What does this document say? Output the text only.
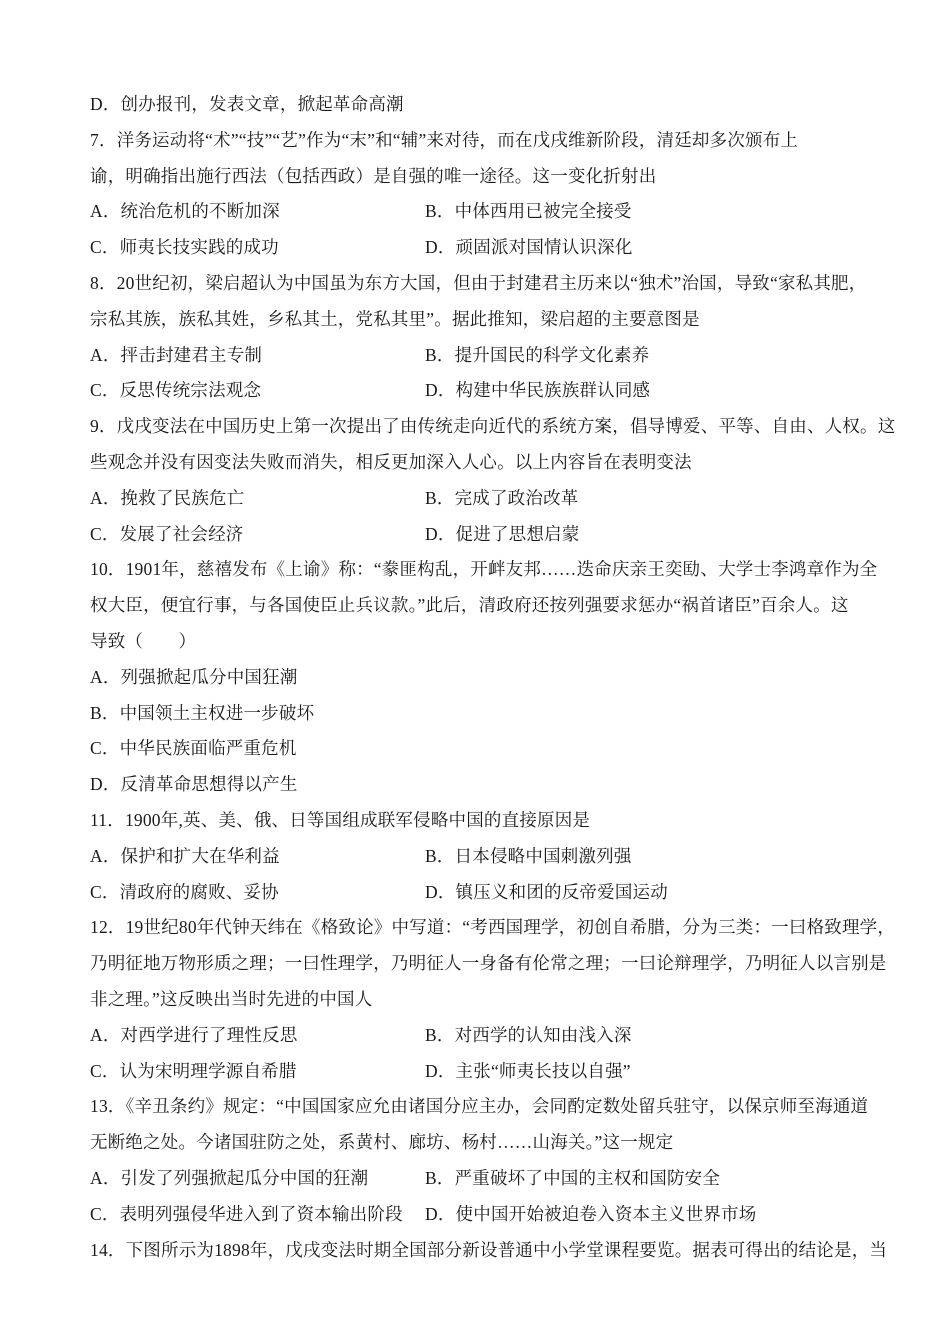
D．创办报刊，发表文章，掀起革命高潮
7．洋务运动将“术”“技”“艺”作为“末”和“辅”来对待，而在戊戌维新阶段，清廷却多次颁布上
谕，明确指出施行西法（包括西政）是自强的唯一途径。这一变化折射出
A．统治危机的不断加深	B．中体西用已被完全接受
C．师夷长技实践的成功	D．顽固派对国情认识深化
8．20世纪初，梁启超认为中国虽为东方大国，但由于封建君主历来以“独术”治国，导致“家私其肥，
宗私其族，族私其姓，乡私其土，党私其里”。据此推知，梁启超的主要意图是
A．抨击封建君主专制	B．提升国民的科学文化素养
C．反思传统宗法观念	D．构建中华民族族群认同感
9．戊戌变法在中国历史上第一次提出了由传统走向近代的系统方案，倡导博爱、平等、自由、人权。这
些观念并没有因变法失败而消失，相反更加深入人心。以上内容旨在表明变法
A．挽救了民族危亡	B．完成了政治改革
C．发展了社会经济	D．促进了思想启蒙
10．1901年，慈禧发布《上谕》称：“豢匪构乱，开衅友邦……迭命庆亲王奕劻、大学士李鸿章作为全
权大臣，便宜行事，与各国使臣止兵议款。”此后，清政府还按列强要求惩办“祸首诸臣”百余人。这
导致（　　）
A．列强掀起瓜分中国狂潮
B．中国领土主权进一步破坏
C．中华民族面临严重危机
D．反清革命思想得以产生
11．1900年,英、美、俄、日等国组成联军侵略中国的直接原因是
A．保护和扩大在华利益	B．日本侵略中国刺激列强
C．清政府的腐败、妥协	D．镇压义和团的反帝爱国运动
12．19世纪80年代钟天纬在《格致论》中写道：“考西国理学，初创自希腊，分为三类：一曰格致理学，
乃明征地万物形质之理；一曰性理学，乃明征人一身备有伦常之理；一曰论辩理学，乃明征人以言别是
非之理。”这反映出当时先进的中国人
A．对西学进行了理性反思	B．对西学的认知由浅入深
C．认为宋明理学源自希腊	D．主张“师夷长技以自强”
13．《辛丑条约》规定：“中国国家应允由诸国分应主办，会同酌定数处留兵驻守，以保京师至海通道
无断绝之处。今诸国驻防之处，系黄村、廊坊、杨村……山海关。”这一规定
A．引发了列强掀起瓜分中国的狂潮	B．严重破坏了中国的主权和国防安全
C．表明列强侵华进入到了资本输出阶段 D．使中国开始被迫卷入资本主义世界市场
14．下图所示为1898年，戊戌变法时期全国部分新设普通中小学堂课程要览。据表可得出的结论是，当
